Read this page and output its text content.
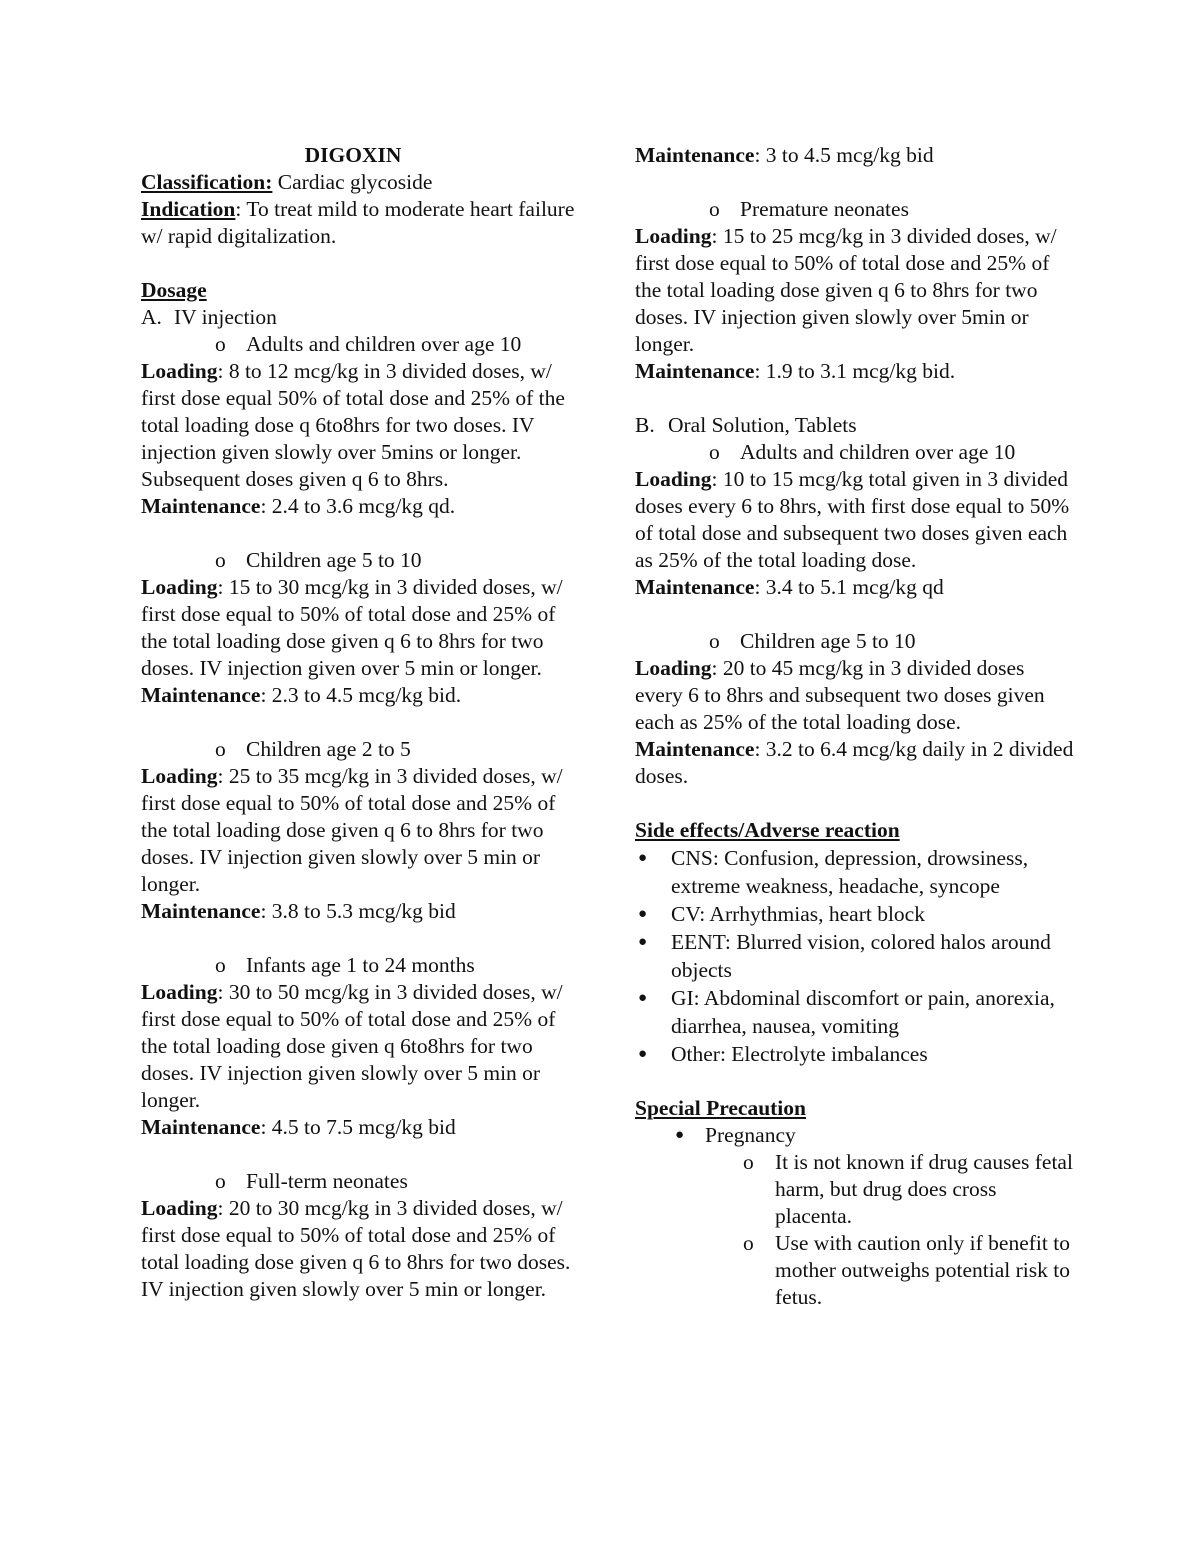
DIGOXIN

Classification: Cardiac glycoside

Indication: To treat mild to moderate heart failure w/ rapid digitalization.

Dosage

A. IV injection

o Adults and children over age 10

Loading: 8 to 12 mcg/kg in 3 divided doses, w/ first dose equal 50% of total dose and 25% of the total loading dose q 6to8hrs for two doses. IV injection given slowly over 5mins or longer. Subsequent doses given q 6 to 8hrs.

Maintenance: 2.4 to 3.6 mcg/kg qd.

o Children age 5 to 10

Loading: 15 to 30 mcg/kg in 3 divided doses, w/ first dose equal to 50% of total dose and 25% of the total loading dose given q 6 to 8hrs for two doses. IV injection given over 5 min or longer.

Maintenance: 2.3 to 4.5 mcg/kg bid.

o Children age 2 to 5

Loading: 25 to 35 mcg/kg in 3 divided doses, w/ first dose equal to 50% of total dose and 25% of the total loading dose given q 6 to 8hrs for two doses. IV injection given slowly over 5 min or longer.

Maintenance: 3.8 to 5.3 mcg/kg bid

o Infants age 1 to 24 months

Loading: 30 to 50 mcg/kg in 3 divided doses, w/ first dose equal to 50% of total dose and 25% of the total loading dose given q 6to8hrs for two doses. IV injection given slowly over 5 min or longer.

Maintenance: 4.5 to 7.5 mcg/kg bid

o Full-term neonates

Loading: 20 to 30 mcg/kg in 3 divided doses, w/ first dose equal to 50% of total dose and 25% of total loading dose given q 6 to 8hrs for two doses. IV injection given slowly over 5 min or longer.

Maintenance: 3 to 4.5 mcg/kg bid

o Premature neonates

Loading: 15 to 25 mcg/kg in 3 divided doses, w/ first dose equal to 50% of total dose and 25% of the total loading dose given q 6 to 8hrs for two doses. IV injection given slowly over 5min or longer.

Maintenance: 1.9 to 3.1 mcg/kg bid.

B. Oral Solution, Tablets

o Adults and children over age 10

Loading: 10 to 15 mcg/kg total given in 3 divided doses every 6 to 8hrs, with first dose equal to 50% of total dose and subsequent two doses given each as 25% of the total loading dose.

Maintenance: 3.4 to 5.1 mcg/kg qd

o Children age 5 to 10

Loading: 20 to 45 mcg/kg in 3 divided doses every 6 to 8hrs and subsequent two doses given each as 25% of the total loading dose.

Maintenance: 3.2 to 6.4 mcg/kg daily in 2 divided doses.

Side effects/Adverse reaction

● CNS: Confusion, depression, drowsiness, extreme weakness, headache, syncope
● CV: Arrhythmias, heart block
● EENT: Blurred vision, colored halos around objects
● GI: Abdominal discomfort or pain, anorexia, diarrhea, nausea, vomiting
● Other: Electrolyte imbalances

Special Precaution

● Pregnancy

o It is not known if drug causes fetal harm, but drug does cross placenta.

o Use with caution only if benefit to mother outweighs potential risk to fetus.
